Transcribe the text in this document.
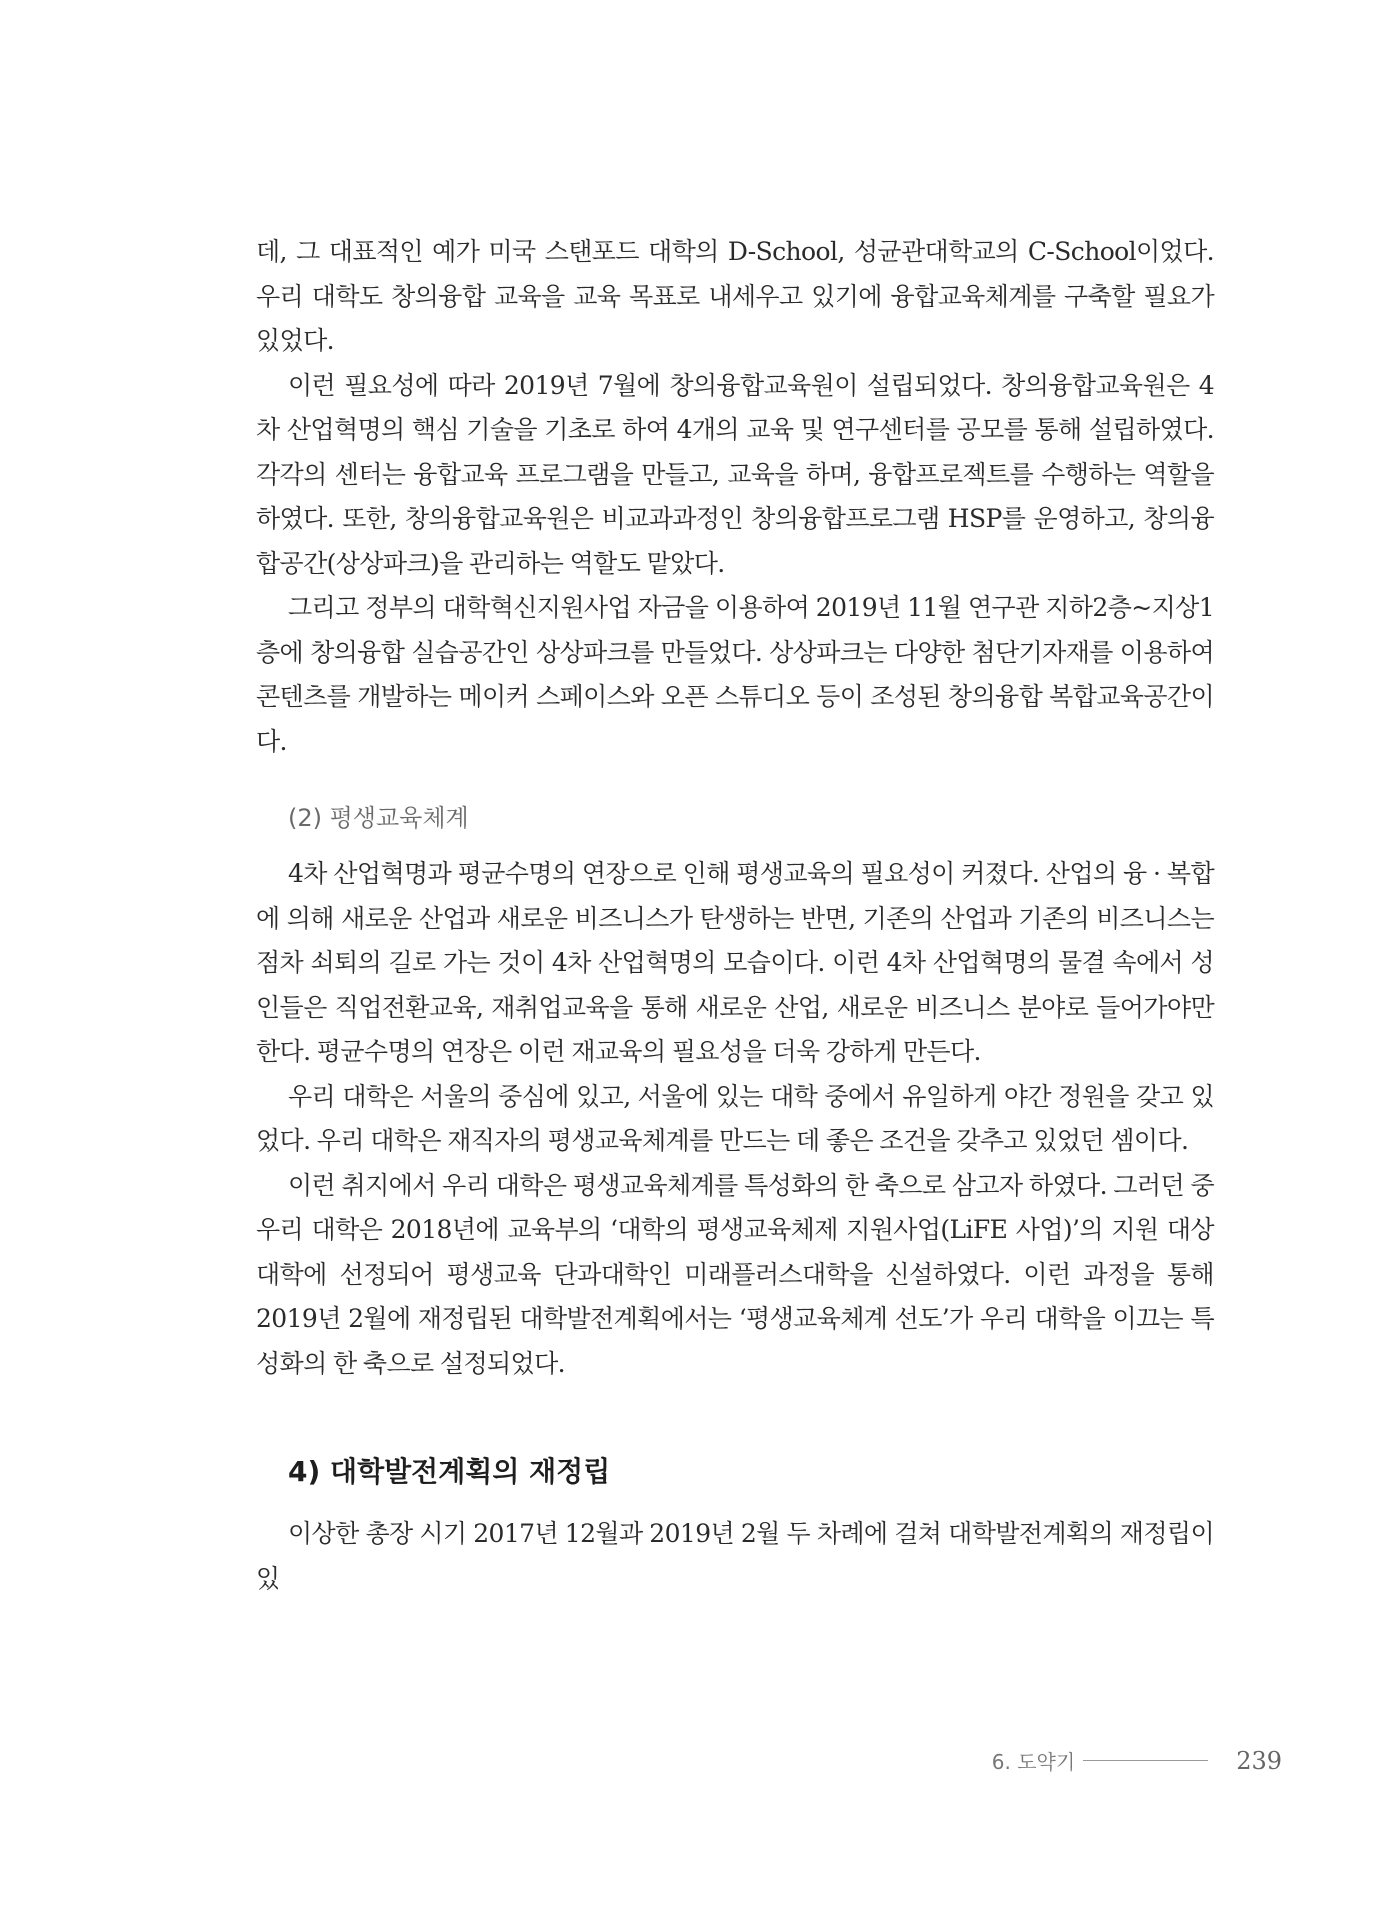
데, 그 대표적인 예가 미국 스탠포드 대학의 D-School, 성균관대학교의 C-School이었다. 우리 대학도 창의융합 교육을 교육 목표로 내세우고 있기에 융합교육체계를 구축할 필요가 있었다.

이런 필요성에 따라 2019년 7월에 창의융합교육원이 설립되었다. 창의융합교육원은 4차 산업혁명의 핵심 기술을 기초로 하여 4개의 교육 및 연구센터를 공모를 통해 설립하였다. 각각의 센터는 융합교육 프로그램을 만들고, 교육을 하며, 융합프로젝트를 수행하는 역할을 하였다. 또한, 창의융합교육원은 비교과과정인 창의융합프로그램 HSP를 운영하고, 창의융합공간(상상파크)을 관리하는 역할도 맡았다.

그리고 정부의 대학혁신지원사업 자금을 이용하여 2019년 11월 연구관 지하2층~지상1층에 창의융합 실습공간인 상상파크를 만들었다. 상상파크는 다양한 첨단기자재를 이용하여 콘텐츠를 개발하는 메이커 스페이스와 오픈 스튜디오 등이 조성된 창의융합 복합교육공간이다.

(2) 평생교육체계

4차 산업혁명과 평균수명의 연장으로 인해 평생교육의 필요성이 커졌다. 산업의 융 · 복합에 의해 새로운 산업과 새로운 비즈니스가 탄생하는 반면, 기존의 산업과 기존의 비즈니스는 점차 쇠퇴의 길로 가는 것이 4차 산업혁명의 모습이다. 이런 4차 산업혁명의 물결 속에서 성인들은 직업전환교육, 재취업교육을 통해 새로운 산업, 새로운 비즈니스 분야로 들어가야만 한다. 평균수명의 연장은 이런 재교육의 필요성을 더욱 강하게 만든다.

우리 대학은 서울의 중심에 있고, 서울에 있는 대학 중에서 유일하게 야간 정원을 갖고 있었다. 우리 대학은 재직자의 평생교육체계를 만드는 데 좋은 조건을 갖추고 있었던 셈이다.

이런 취지에서 우리 대학은 평생교육체계를 특성화의 한 축으로 삼고자 하였다. 그러던 중 우리 대학은 2018년에 교육부의 ‘대학의 평생교육체제 지원사업(LiFE 사업)’의 지원 대상 대학에 선정되어 평생교육 단과대학인 미래플러스대학을 신설하였다. 이런 과정을 통해 2019년 2월에 재정립된 대학발전계획에서는 ‘평생교육체계 선도’가 우리 대학을 이끄는 특성화의 한 축으로 설정되었다.

4) 대학발전계획의 재정립

이상한 총장 시기 2017년 12월과 2019년 2월 두 차례에 걸쳐 대학발전계획의 재정립이 있

6. 도약기	239
